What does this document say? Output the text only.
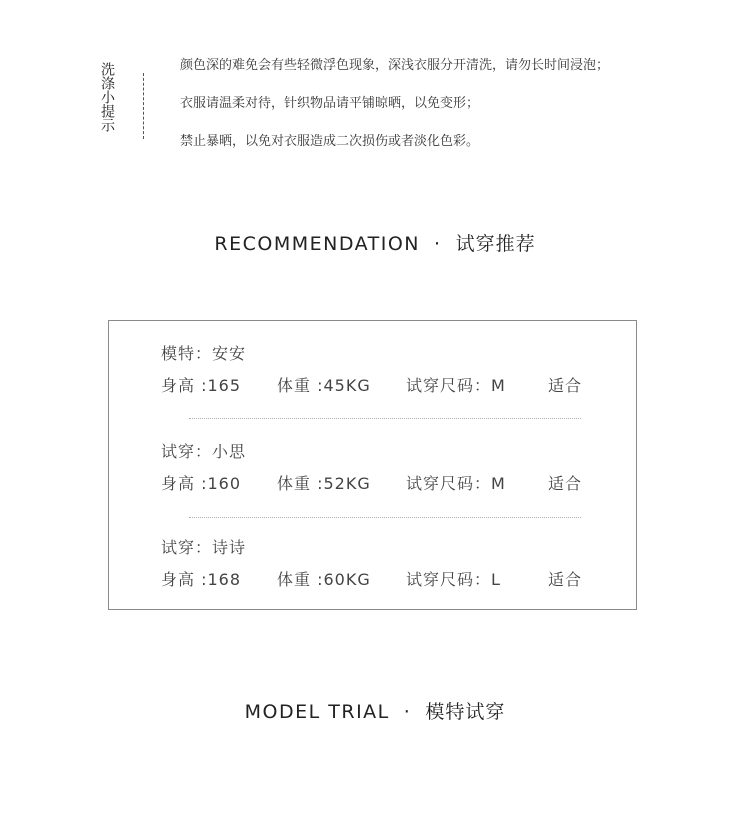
洗涤小提示	颜色深的难免会有些轻微浮色现象，深浅衣服分开清洗，请勿长时间浸泡；
衣服请温柔对待，针织物品请平铺晾晒，以免变形；
禁止暴晒，以免对衣服造成二次损伤或者淡化色彩。
RECOMMENDATION · 试穿推荐
模特：安安
身高 :165 体重 :45KG 试穿尺码：M	适合
试穿：小思
身高 :160 体重 :52KG 试穿尺码：M	适合
试穿：诗诗
身高 :168 体重 :60KG 试穿尺码：L	适合
MODEL TRIAL · 模特试穿
